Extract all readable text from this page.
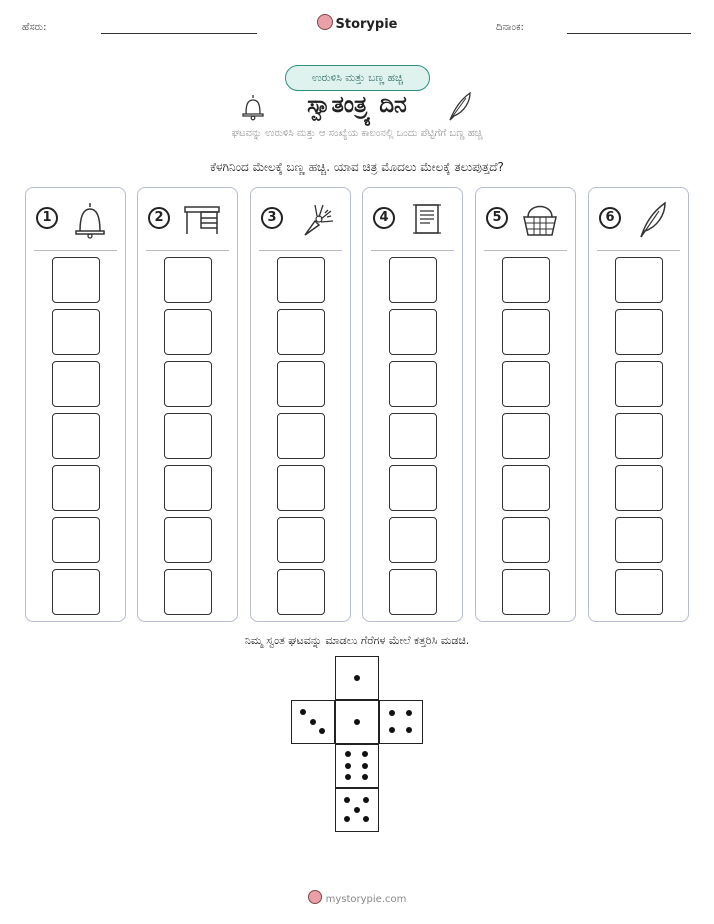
ಹೆಸರು:	Storypie	ದಿನಾಂಕ:
ಉರುಳಿಸಿ ಮತ್ತು ಬಣ್ಣ ಹಚ್ಚಿ
ಸ್ವಾತಂತ್ರ್ಯ ದಿನ
ಘಟವನ್ನು ಉರುಳಿಸಿ ಮತ್ತು ಆ ಸಂಖ್ಯೆಯ ಕಾಲಂನಲ್ಲಿ ಒಂದು ಪೆಟ್ಟಿಗೆಗೆ ಬಣ್ಣ ಹಚ್ಚಿ
ಕೆಳಗಿನಿಂದ ಮೇಲಕ್ಕೆ ಬಣ್ಣ ಹಚ್ಚಿ. ಯಾವ ಚಿತ್ರ ಮೊದಲು ಮೇಲಕ್ಕೆ ತಲುಪುತ್ತದೆ?
1	2	3	4	5	6
ನಿಮ್ಮ ಸ್ವಂತ ಘಟವನ್ನು ಮಾಡಲು ಗೆರೆಗಳ ಮೇಲೆ ಕತ್ತರಿಸಿ ಮಡಚಿ.
mystorypie.com
